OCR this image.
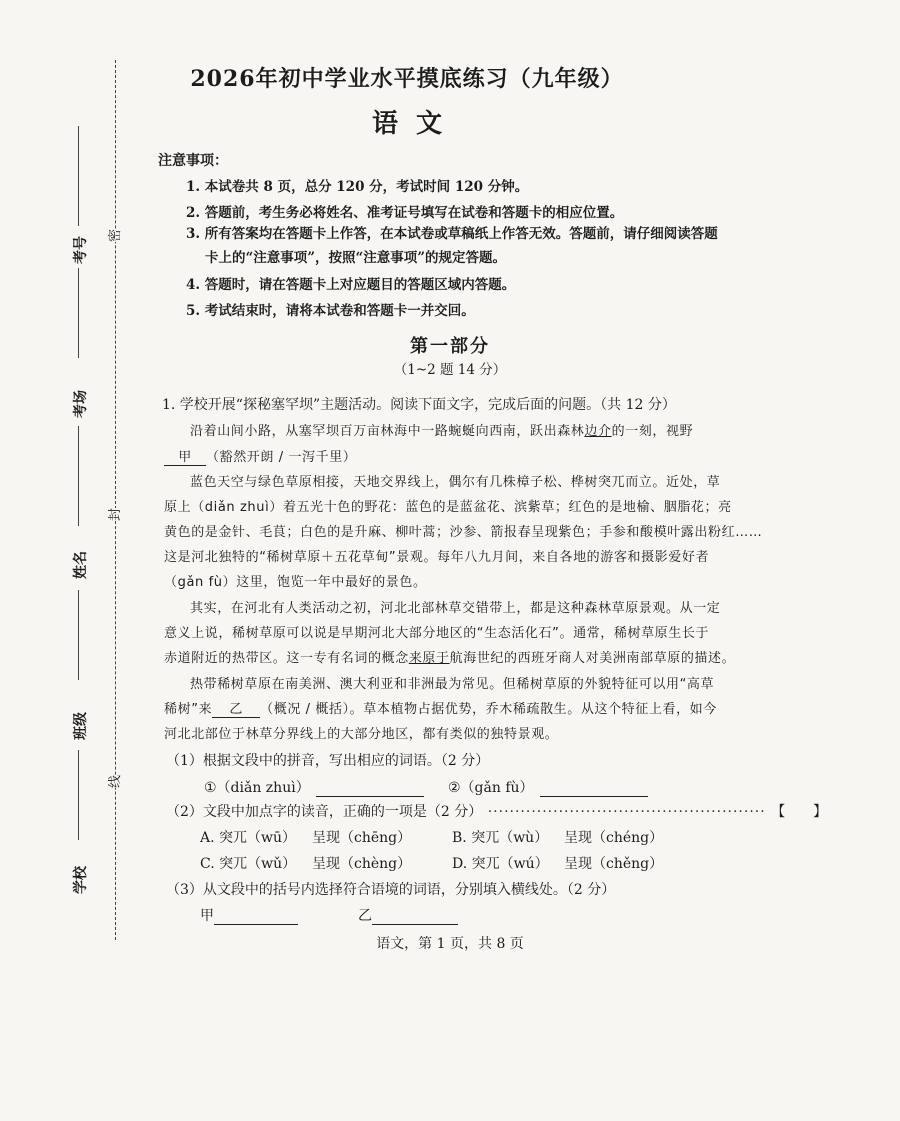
考号
考场
姓名
班级
学校
密
封
线
2026年初中学业水平摸底练习（九年级）
语文
注意事项：
1. 本试卷共 8 页，总分 120 分，考试时间 120 分钟。
2. 答题前，考生务必将姓名、准考证号填写在试卷和答题卡的相应位置。
3. 所有答案均在答题卡上作答，在本试卷或草稿纸上作答无效。答题前，请仔细阅读答题
卡上的“注意事项”，按照“注意事项”的规定答题。
4. 答题时，请在答题卡上对应题目的答题区域内答题。
5. 考试结束时，请将本试卷和答题卡一并交回。
第一部分
（1~2 题 14 分）
1. 学校开展“探秘塞罕坝”主题活动。阅读下面文字，完成后面的问题。（共 12 分）
沿着山间小路，从塞罕坝百万亩林海中一路蜿蜒向西南，跃出森林边介的一刻，视野
甲 （豁然开朗 / 一泻千里）
蓝色天空与绿色草原相接，天地交界线上，偶尔有几株樟子松、桦树突兀而立。近处，草
原上（diǎn zhuì）着五光十色的野花：蓝色的是蓝盆花、滨紫草；红色的是地榆、胭脂花；亮
黄色的是金针、毛茛；白色的是升麻、柳叶蒿；沙参、箭报春呈现紫色；手参和酸模叶露出粉红……
这是河北独特的“稀树草原＋五花草甸”景观。每年八九月间，来自各地的游客和摄影爱好者
（gǎn fù）这里，饱览一年中最好的景色。
其实，在河北有人类活动之初，河北北部林草交错带上，都是这种森林草原景观。从一定
意义上说，稀树草原可以说是早期河北大部分地区的“生态活化石”。通常，稀树草原生长于
赤道附近的热带区。这一专有名词的概念来原于航海世纪的西班牙商人对美洲南部草原的描述。
热带稀树草原在南美洲、澳大利亚和非洲最为常见。但稀树草原的外貌特征可以用“高草
稀树”来 乙 （概况 / 概括）。草本植物占据优势，乔木稀疏散生。从这个特征上看，如今
河北北部位于林草分界线上的大部分地区，都有类似的独特景观。
（1）根据文段中的拼音，写出相应的词语。（2 分）
①（diǎn zhuì）	②（gǎn fù）
（2）文段中加点字的读音，正确的一项是（2 分） ··················································· 【　　】
A. 突兀（wū） 呈现（chēng）	B. 突兀（wù） 呈现（chéng）
C. 突兀（wǔ） 呈现（chèng）	D. 突兀（wú） 呈现（chěng）
（3）从文段中的括号内选择符合语境的词语，分别填入横线处。（2 分）
甲	乙
语文，第 1 页，共 8 页
